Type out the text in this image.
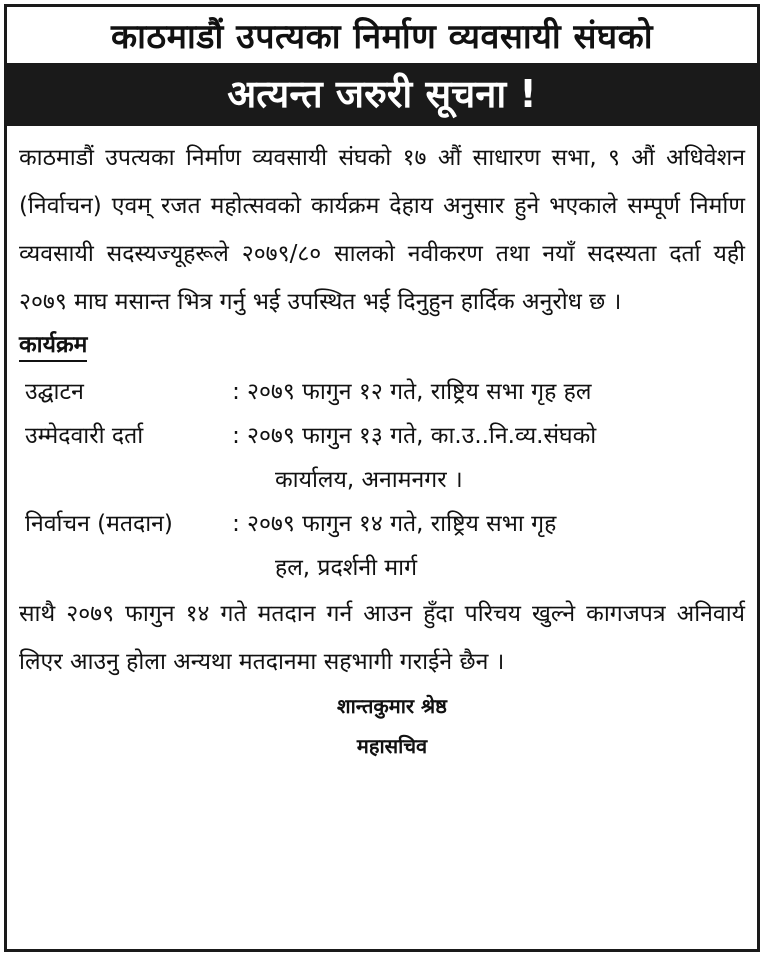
काठमाडौं उपत्यका निर्माण व्यवसायी संघको
अत्यन्त जरुरी सूचना !

काठमाडौं उपत्यका निर्माण व्यवसायी संघको १७ औं साधारण सभा, ९ औं अधिवेशन (निर्वाचन) एवम् रजत महोत्सवको कार्यक्रम देहाय अनुसार हुने भएकाले सम्पूर्ण निर्माण व्यवसायी सदस्यज्यूहरूले २०७९/८० सालको नवीकरण तथा नयाँ सदस्यता दर्ता यही २०७९ माघ मसान्त भित्र गर्नु भई उपस्थित भई दिनुहुन हार्दिक अनुरोध छ ।

कार्यक्रम
उद्घाटन	: २०७९ फागुन १२ गते, राष्ट्रिय सभा गृह हल
उम्मेदवारी दर्ता	: २०७९ फागुन १३ गते, का.उ..नि.व्य.संघको
कार्यालय, अनामनगर ।
निर्वाचन (मतदान)	: २०७९ फागुन १४ गते, राष्ट्रिय सभा गृह
हल, प्रदर्शनी मार्ग

साथै २०७९ फागुन १४ गते मतदान गर्न आउन हुँदा परिचय खुल्ने कागजपत्र अनिवार्य लिएर आउनु होला अन्यथा मतदानमा सहभागी गराईने छैन ।

शान्तकुमार श्रेष्ठ
महासचिव
